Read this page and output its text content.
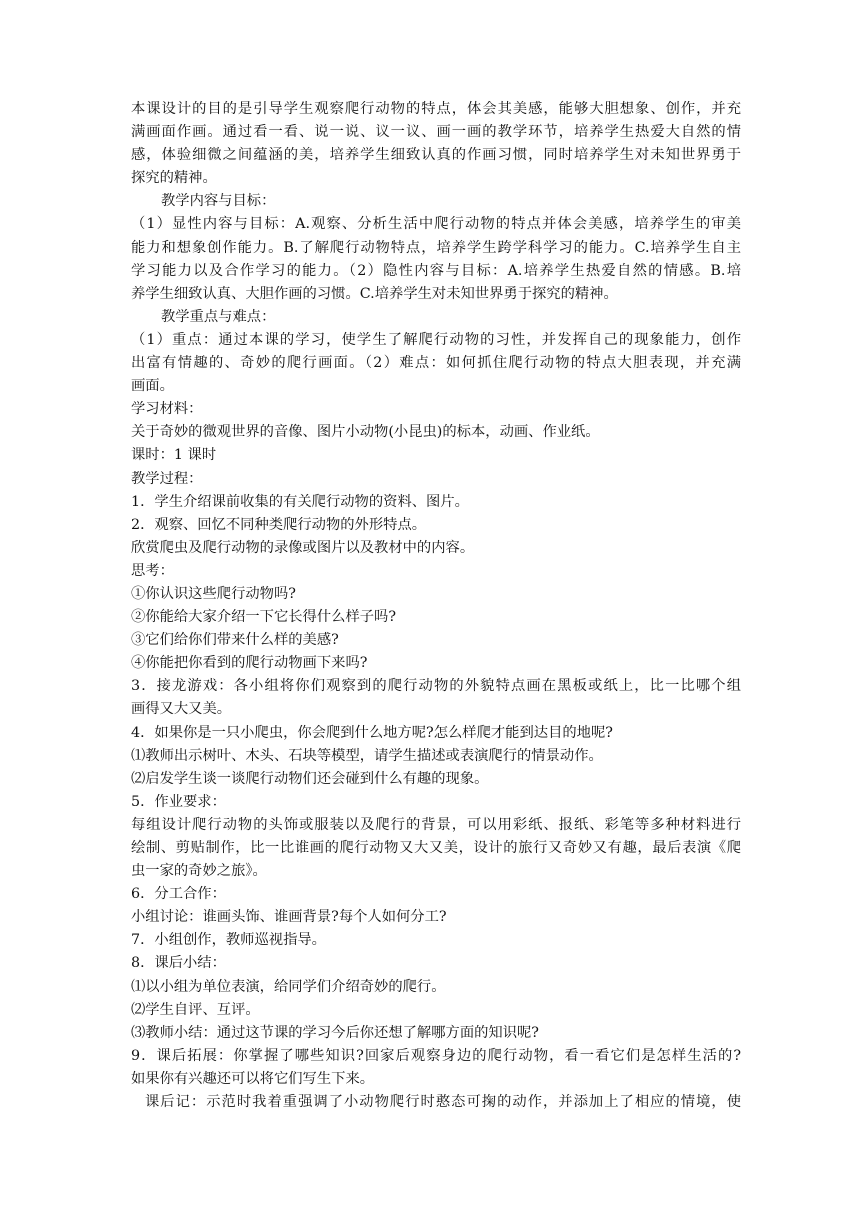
本课设计的目的是引导学生观察爬行动物的特点，体会其美感，能够大胆想象、创作，并充
满画面作画。通过看一看、说一说、议一议、画一画的教学环节，培养学生热爱大自然的情
感，体验细微之间蕴涵的美，培养学生细致认真的作画习惯，同时培养学生对未知世界勇于
探究的精神。
教学内容与目标：
（1）显性内容与目标：A.观察、分析生活中爬行动物的特点并体会美感，培养学生的审美
能力和想象创作能力。B.了解爬行动物特点，培养学生跨学科学习的能力。C.培养学生自主
学习能力以及合作学习的能力。（2）隐性内容与目标：A.培养学生热爱自然的情感。B.培
养学生细致认真、大胆作画的习惯。C.培养学生对未知世界勇于探究的精神。
教学重点与难点：
（1）重点：通过本课的学习，使学生了解爬行动物的习性，并发挥自己的现象能力，创作
出富有情趣的、奇妙的爬行画面。（2）难点：如何抓住爬行动物的特点大胆表现，并充满
画面。
学习材料：
关于奇妙的微观世界的音像、图片小动物(小昆虫)的标本，动画、作业纸。
课时：1 课时
教学过程：
1．学生介绍课前收集的有关爬行动物的资料、图片。
2．观察、回忆不同种类爬行动物的外形特点。
欣赏爬虫及爬行动物的录像或图片以及教材中的内容。
思考：
①你认识这些爬行动物吗?
②你能给大家介绍一下它长得什么样子吗?
③它们给你们带来什么样的美感?
④你能把你看到的爬行动物画下来吗?
3．接龙游戏：各小组将你们观察到的爬行动物的外貌特点画在黑板或纸上，比一比哪个组
画得又大又美。
4．如果你是一只小爬虫，你会爬到什么地方呢?怎么样爬才能到达目的地呢?
⑴教师出示树叶、木头、石块等模型，请学生描述或表演爬行的情景动作。
⑵启发学生谈一谈爬行动物们还会碰到什么有趣的现象。
5．作业要求：
每组设计爬行动物的头饰或服装以及爬行的背景，可以用彩纸、报纸、彩笔等多种材料进行
绘制、剪贴制作，比一比谁画的爬行动物又大又美，设计的旅行又奇妙又有趣，最后表演《爬
虫一家的奇妙之旅》。
6．分工合作：
小组讨论：谁画头饰、谁画背景?每个人如何分工?
7．小组创作，教师巡视指导。
8．课后小结：
⑴以小组为单位表演，给同学们介绍奇妙的爬行。
⑵学生自评、互评。
⑶教师小结：通过这节课的学习今后你还想了解哪方面的知识呢?
9．课后拓展：你掌握了哪些知识?回家后观察身边的爬行动物，看一看它们是怎样生活的?
如果你有兴趣还可以将它们写生下来。
课后记：示范时我着重强调了小动物爬行时憨态可掬的动作，并添加上了相应的情境，使
